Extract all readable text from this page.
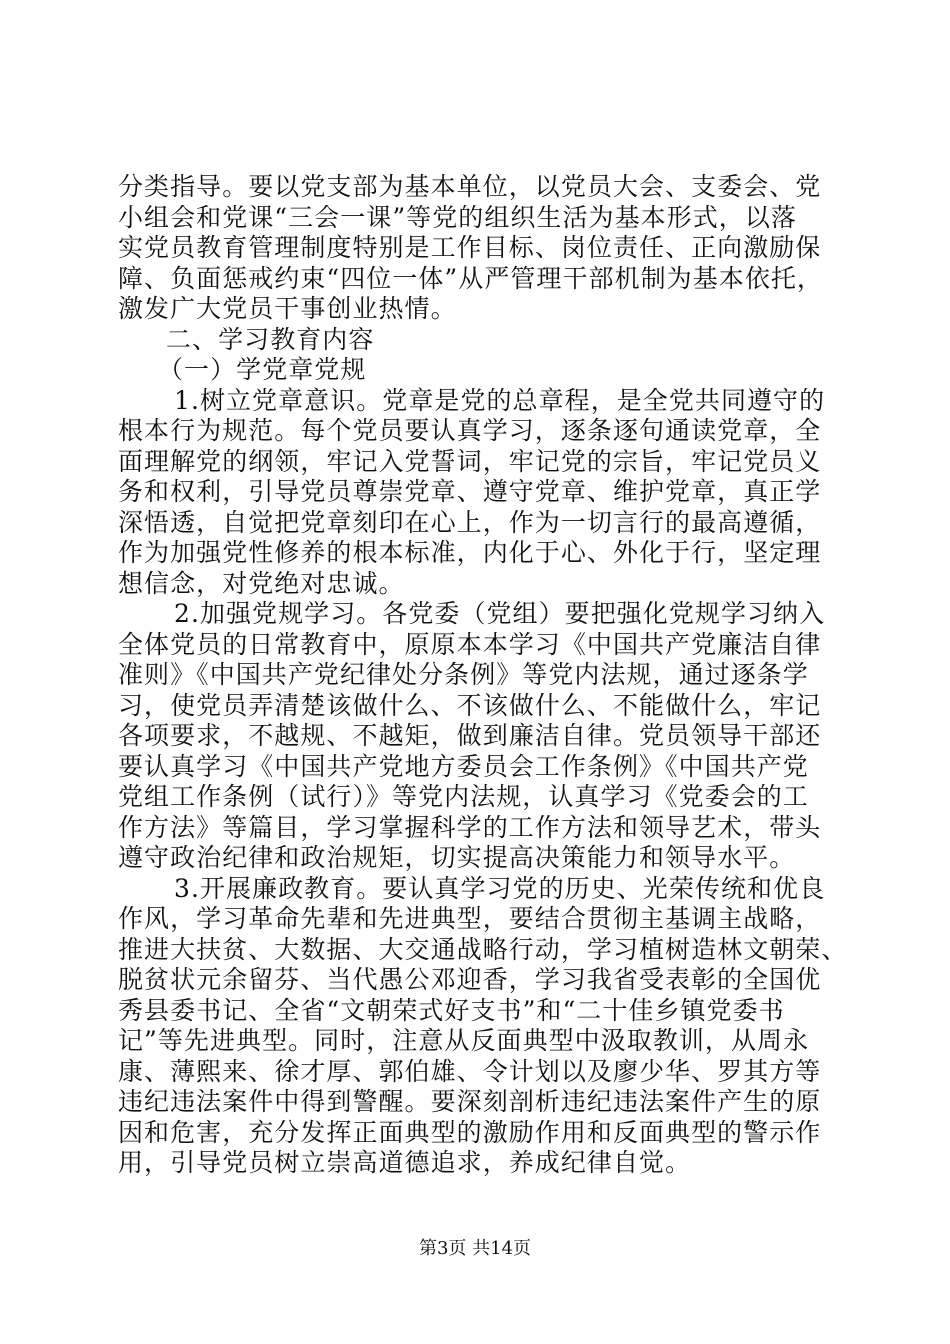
分类指导。要以党支部为基本单位，以党员大会、支委会、党
小组会和党课“三会一课”等党的组织生活为基本形式，以落
实党员教育管理制度特别是工作目标、岗位责任、正向激励保
障、负面惩戒约束“四位一体”从严管理干部机制为基本依托，
激发广大党员干事创业热情。
二、学习教育内容
（一）学党章党规
1.树立党章意识。党章是党的总章程，是全党共同遵守的
根本行为规范。每个党员要认真学习，逐条逐句通读党章，全
面理解党的纲领，牢记入党誓词，牢记党的宗旨，牢记党员义
务和权利，引导党员尊崇党章、遵守党章、维护党章，真正学
深悟透，自觉把党章刻印在心上，作为一切言行的最高遵循，
作为加强党性修养的根本标准，内化于心、外化于行，坚定理
想信念，对党绝对忠诚。
2.加强党规学习。各党委（党组）要把强化党规学习纳入
全体党员的日常教育中，原原本本学习《中国共产党廉洁自律
准则》《中国共产党纪律处分条例》等党内法规，通过逐条学
习，使党员弄清楚该做什么、不该做什么、不能做什么，牢记
各项要求，不越规、不越矩，做到廉洁自律。党员领导干部还
要认真学习《中国共产党地方委员会工作条例》《中国共产党
党组工作条例（试行）》等党内法规，认真学习《党委会的工
作方法》等篇目，学习掌握科学的工作方法和领导艺术，带头
遵守政治纪律和政治规矩，切实提高决策能力和领导水平。
3.开展廉政教育。要认真学习党的历史、光荣传统和优良
作风，学习革命先辈和先进典型，要结合贯彻主基调主战略，
推进大扶贫、大数据、大交通战略行动，学习植树造林文朝荣、
脱贫状元余留芬、当代愚公邓迎香，学习我省受表彰的全国优
秀县委书记、全省“文朝荣式好支书”和“二十佳乡镇党委书
记”等先进典型。同时，注意从反面典型中汲取教训，从周永
康、薄熙来、徐才厚、郭伯雄、令计划以及廖少华、罗其方等
违纪违法案件中得到警醒。要深刻剖析违纪违法案件产生的原
因和危害，充分发挥正面典型的激励作用和反面典型的警示作
用，引导党员树立崇高道德追求，养成纪律自觉。
第3页 共14页
